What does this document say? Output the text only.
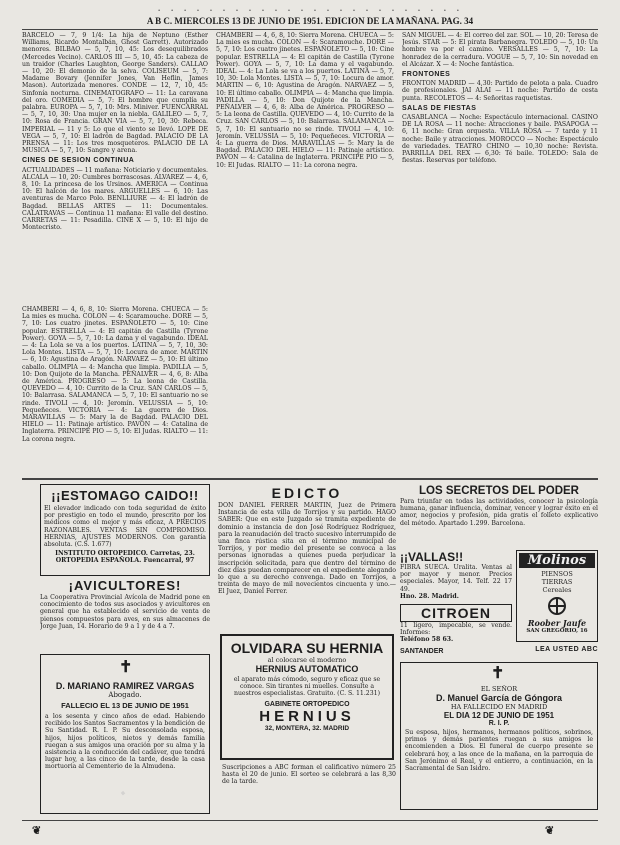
· · · · · · · · · · · · · · · · · · · · · · · ·
A B C. MIERCOLES 13 DE JUNIO DE 1951. EDICION DE LA MAÑANA. PAG. 34

BARCELO — 7, 9 1/4: La hija de Neptuno (Esther Williams, Ricardo Montalbán, Ghost Garrett). Autorizado menores. BILBAO — 5, 7, 10, 45: Los desequilibrados (Mercedes Vecino). CARLOS III — 5, 10, 45: La cabeza de un traidor (Charles Laughton, George Sanders). CALLAO — 10, 20: El demonio de la selva. COLISEUM — 5, 7: Madame Bovary (Jennifer Jones, Van Heflin, James Mason). Autorizada menores. CONDE — 12, 7, 10, 45: Sinfonía nocturna. CINEMATOGRAFO — 11: La caravana del oro. COMEDIA — 5, 7: El hombre que cumplía su palabra. EUROPA — 5, 7, 10: Mrs. Miniver. FUENCARRAL — 5, 7, 10, 30: Una mujer en la niebla. GALILEO — 5, 7, 10: Rosa de Francia. GRAN VIA — 5, 7, 10, 30: Rebeca. IMPERIAL — 11 y 5: Lo que el viento se llevó. LOPE DE VEGA — 5, 7, 10: El ladrón de Bagdad. PALACIO DE LA PRENSA — 11: Los tres mosqueteros. PALACIO DE LA MUSICA — 5, 7, 10: Sangre y arena.

CINES DE SESION CONTINUA

ACTUALIDADES — 11 mañana: Noticiario y documentales. ALCALA — 10, 20: Cumbres borrascosas. ALVAREZ — 4, 6, 8, 10: La princesa de los Ursinos. AMERICA — Continua 10: El halcón de los mares. ARGUELLES — 6, 10: Las aventuras de Marco Polo. BENLLIURE — 4: El ladrón de Bagdad. BELLAS ARTES — 11: Documentales. CALATRAVAS — Continua 11 mañana: El valle del destino. CARRETAS — 11: Pesadilla. CINE X — 5, 10: El hijo de Montecristo.

CHAMBERI — 4, 6, 8, 10: Sierra Morena. CHUECA — 5: La mies es mucha. COLON — 4: Scaramouche. DORE — 5, 7, 10: Los cuatro jinetes. ESPAÑOLETO — 5, 10: Cine popular. ESTRELLA — 4: El capitán de Castilla (Tyrone Power). GOYA — 5, 7, 10: La dama y el vagabundo. IDEAL — 4: La Lola se va a los puertos. LATINA — 5, 7, 10, 30: Lola Montes. LISTA — 5, 7, 10: Locura de amor. MARTIN — 6, 10: Agustina de Aragón. NARVAEZ — 5, 10: El último caballo. OLIMPIA — 4: Mancha que limpia. PADILLA — 5, 10: Don Quijote de la Mancha. PEÑALVER — 4, 6, 8: Alba de América. PROGRESO — 5: La leona de Castilla. QUEVEDO — 4, 10: Currito de la Cruz. SAN CARLOS — 5, 10: Balarrasa. SALAMANCA — 5, 7, 10: El santuario no se rinde. TIVOLI — 4, 10: Jeromín. VELUSSIA — 5, 10: Pequeñeces. VICTORIA — 4: La guerra de Dios. MARAVILLAS — 5: Mary la de Bagdad. PALACIO DEL HIELO — 11: Patinaje artístico. PAVON — 4: Catalina de Inglaterra. PRINCIPE PIO — 5, 10: El Judas. RIALTO — 11: La corona negra.

SAN MIGUEL — 4: El correo del zar. SOL — 10, 20: Teresa de Jesús. STAR — 5: El pirata Barbanegra. TOLEDO — 5, 10: Un hombre va por el camino. VERSALLES — 5, 7, 10: La honradez de la cerradura. VOGUE — 5, 7, 10: Sin novedad en el Alcázar. X — 4: Noche fantástica.

FRONTONES

FRONTON MADRID — 4,30: Partido de pelota a pala. Cuadro de profesionales. JAI ALAI — 11 noche: Partido de cesta punta. RECOLETOS — 4: Señoritas raquetistas.

SALAS DE FIESTAS

CASABLANCA — Noche: Espectáculo internacional. CASINO DE LA ROSA — 11 noche: Atracciones y baile. PASAPOGA — 6, 11 noche: Gran orquesta. VILLA ROSA — 7 tarde y 11 noche: Baile y atracciones. MOROCCO — Noche: Espectáculo de variedades. TEATRO CHINO — 10,30 noche: Revista. PARRILLA DEL REX — 6,30: Té baile. TOLEDO: Sala de fiestas. Reservas por teléfono.

CHAMBERI — 4, 6, 8, 10: Sierra Morena. CHUECA — 5: La mies es mucha. COLON — 4: Scaramouche. DORE — 5, 7, 10: Los cuatro jinetes. ESPAÑOLETO — 5, 10: Cine popular. ESTRELLA — 4: El capitán de Castilla (Tyrone Power). GOYA — 5, 7, 10: La dama y el vagabundo. IDEAL — 4: La Lola se va a los puertos. LATINA — 5, 7, 10, 30: Lola Montes. LISTA — 5, 7, 10: Locura de amor. MARTIN — 6, 10: Agustina de Aragón. NARVAEZ — 5, 10: El último caballo. OLIMPIA — 4: Mancha que limpia. PADILLA — 5, 10: Don Quijote de la Mancha. PEÑALVER — 4, 6, 8: Alba de América. PROGRESO — 5: La leona de Castilla. QUEVEDO — 4, 10: Currito de la Cruz. SAN CARLOS — 5, 10: Balarrasa. SALAMANCA — 5, 7, 10: El santuario no se rinde. TIVOLI — 4, 10: Jeromín. VELUSSIA — 5, 10: Pequeñeces. VICTORIA — 4: La guerra de Dios. MARAVILLAS — 5: Mary la de Bagdad. PALACIO DEL HIELO — 11: Patinaje artístico. PAVON — 4: Catalina de Inglaterra. PRINCIPE PIO — 5, 10: El Judas. RIALTO — 11: La corona negra.

¡¡ESTOMAGO CAIDO!!
El elevador indicado con toda seguridad de éxito por prestigio en todo el mundo, prescrito por los médicos como el mejor y más eficaz, A PRECIOS RAZONABLES. VENTAS SIN COMPROMISO. HERNIAS, AJUSTES MODERNOS. Con garantía absoluta. (C.S. 1.677)
INSTITUTO ORTOPEDICO. Carretas, 23. ORTOPEDIA ESPAÑOLA. Fuencarral, 97
¡AVICULTORES!
La Cooperativa Provincial Avícola de Madrid pone en conocimiento de todos sus asociados y avicultores en general que ha establecido el servicio de venta de piensos compuestos para aves, en sus almacenes de Jorge Juan, 14. Horario de 9 a 1 y de 4 a 7.
✝
D. MARIANO RAMIREZ VARGAS
Abogado.
FALLECIO EL 13 DE JUNIO DE 1951
a los sesenta y cinco años de edad. Habiendo recibido los Santos Sacramentos y la bendición de Su Santidad. R. I. P. Su desconsolada esposa, hijos, hijos políticos, nietos y demás familia ruegan a sus amigos una oración por su alma y la asistencia a la conducción del cadáver, que tendrá lugar hoy, a las cinco de la tarde, desde la casa mortuoria al Cementerio de la Almudena.
EDICTO
DON DANIEL FERRER MARTIN, Juez de Primera Instancia de esta villa de Torrijos y su partido. HAGO SABER: Que en este Juzgado se tramita expediente de dominio a instancia de don José Rodríguez Rodríguez, para la reanudación del tracto sucesivo interrumpido de una finca rústica sita en el término municipal de Torrijos, y por medio del presente se convoca a las personas ignoradas a quienes pueda perjudicar la inscripción solicitada, para que dentro del término de diez días puedan comparecer en el expediente alegando lo que a su derecho convenga. Dado en Torrijos, a treinta de mayo de mil novecientos cincuenta y uno.— El Juez, Daniel Ferrer.
OLVIDARA SU HERNIA
al colocarse el moderno
HERNIUS AUTOMATICO
el aparato más cómodo, seguro y eficaz que se conoce. Sin tirantes ni muelles. Consulte a nuestros especialistas. Gratuito. (C. S. 11.231)
GABINETE ORTOPEDICO
HERNIUS
32, MONTERA, 32. MADRID
Suscripciones a ABC forman el calificativo número 25 hasta el 20 de junio. El sorteo se celebrará a las 8,30 de la tarde.
LOS SECRETOS DEL PODER
Para triunfar en todas las actividades, conocer la psicología humana, ganar influencia, dominar, vencer y lograr éxito en el amor, negocios y profesión, pida gratis el folleto explicativo del método. Apartado 1.299. Barcelona.
¡¡VALLAS!!
FIBRA SUECA. Uralita. Ventas al por mayor y menor. Precios especiales. Mayor, 14. Telf. 22 17 49.
Hno. 28. Madrid.
Molinos
PIENSOS
TIERRAS
Cereales
Roober Jaufe
SAN GREGORIO, 16
CITROEN
11 ligero, impecable, se vende. Informes:
Teléfono 58 63.
SANTANDER	LEA USTED ABC
✝
EL SEÑOR
D. Manuel García de Góngora
HA FALLECIDO EN MADRID
EL DIA 12 DE JUNIO DE 1951
R. I. P.
Su esposa, hijos, hermanos, hermanos políticos, sobrinos, primos y demás parientes ruegan a sus amigos le encomienden a Dios. El funeral de cuerpo presente se celebrará hoy, a las once de la mañana, en la parroquia de San Jerónimo el Real, y el entierro, a continuación, en la Sacramental de San Isidro.
❦	❦
·
